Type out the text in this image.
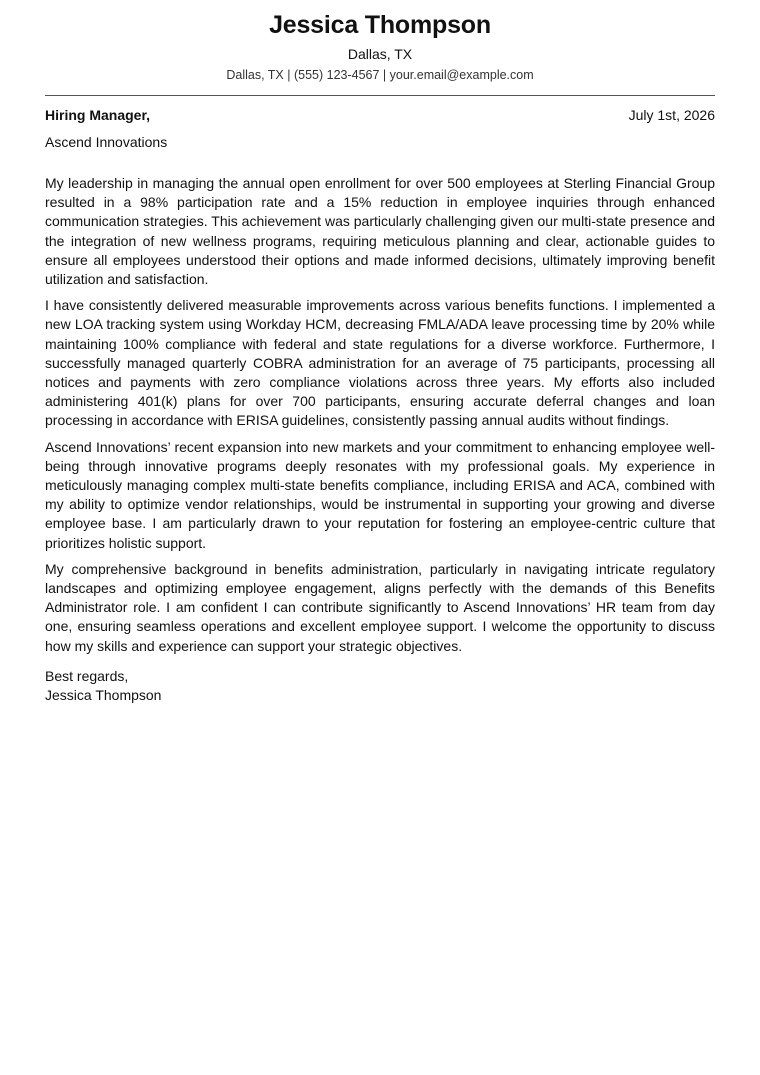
Jessica Thompson
Dallas, TX
Dallas, TX | (555) 123-4567 | your.email@example.com
Hiring Manager,	July 1st, 2026
Ascend Innovations

My leadership in managing the annual open enrollment for over 500 employees at Sterling Financial Group resulted in a 98% participation rate and a 15% reduction in employee inquiries through enhanced communication strategies. This achievement was particularly challenging given our multi-state presence and the integration of new wellness programs, requiring meticulous planning and clear, actionable guides to ensure all employees understood their options and made informed decisions, ultimately improving benefit utilization and satisfaction.

I have consistently delivered measurable improvements across various benefits functions. I implemented a new LOA tracking system using Workday HCM, decreasing FMLA/ADA leave processing time by 20% while maintaining 100% compliance with federal and state regulations for a diverse workforce. Furthermore, I successfully managed quarterly COBRA administration for an average of 75 participants, processing all notices and payments with zero compliance violations across three years. My efforts also included administering 401(k) plans for over 700 participants, ensuring accurate deferral changes and loan processing in accordance with ERISA guidelines, consistently passing annual audits without findings.

Ascend Innovations’ recent expansion into new markets and your commitment to enhancing employee well-being through innovative programs deeply resonates with my professional goals. My experience in meticulously managing complex multi-state benefits compliance, including ERISA and ACA, combined with my ability to optimize vendor relationships, would be instrumental in supporting your growing and diverse employee base. I am particularly drawn to your reputation for fostering an employee-centric culture that prioritizes holistic support.

My comprehensive background in benefits administration, particularly in navigating intricate regulatory landscapes and optimizing employee engagement, aligns perfectly with the demands of this Benefits Administrator role. I am confident I can contribute significantly to Ascend Innovations’ HR team from day one, ensuring seamless operations and excellent employee support. I welcome the opportunity to discuss how my skills and experience can support your strategic objectives.

Best regards,
Jessica Thompson
